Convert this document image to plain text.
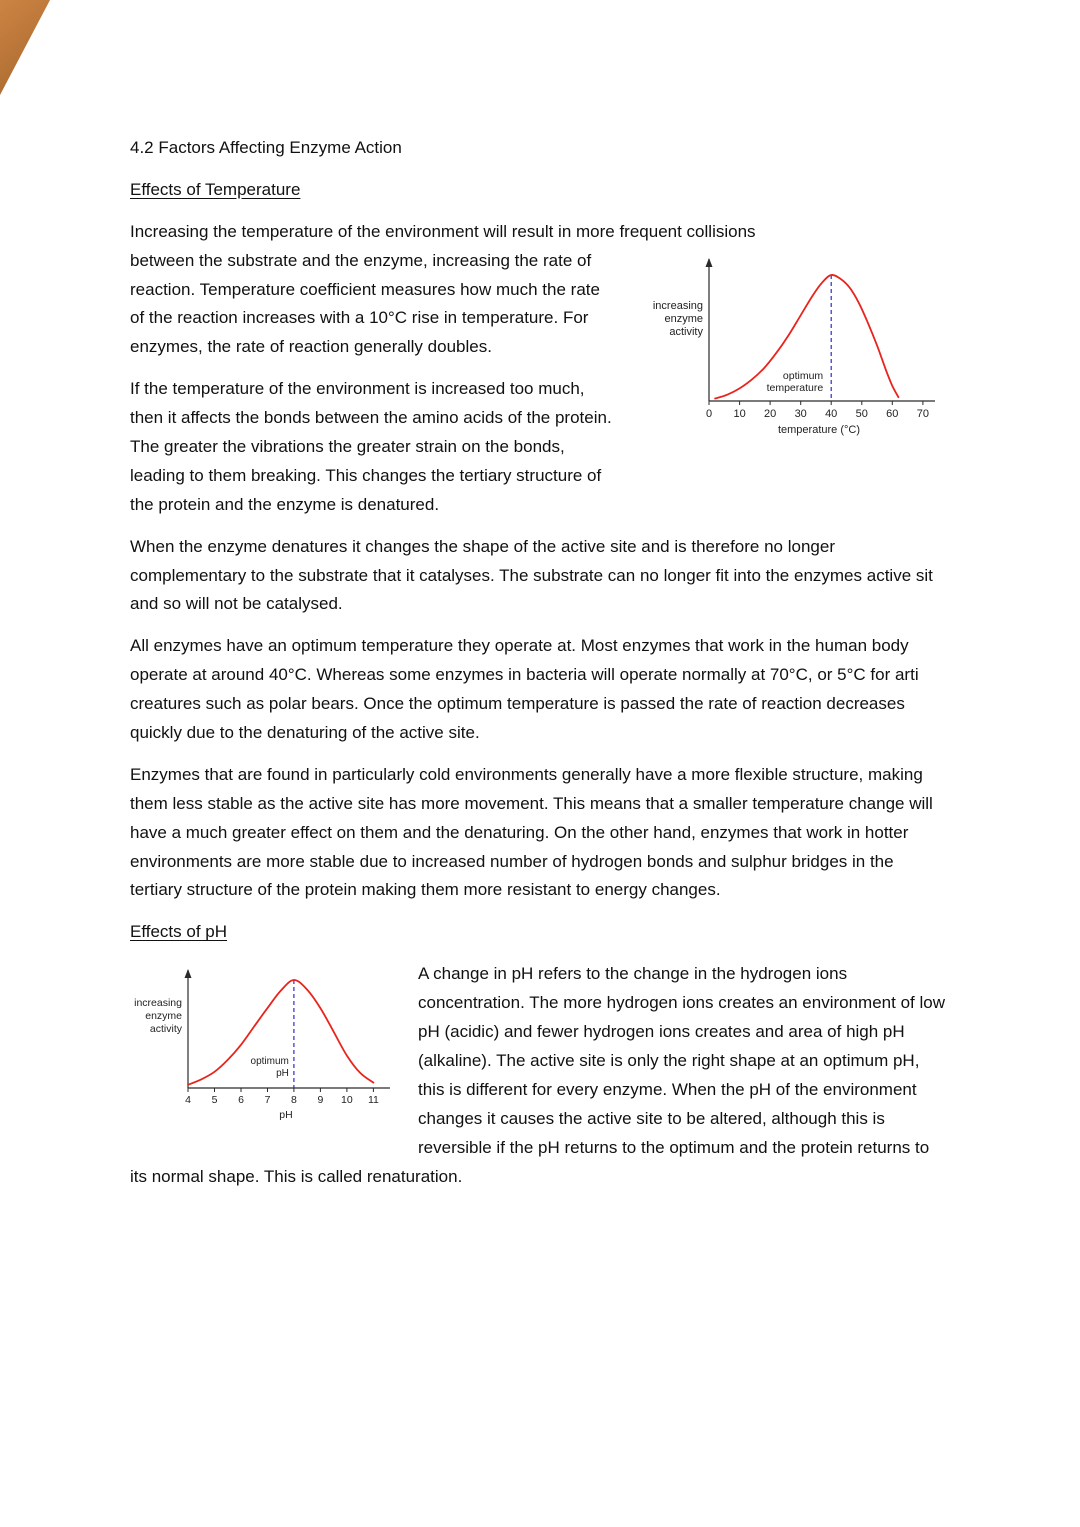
4.2 Factors Affecting Enzyme Action

Effects of Temperature

Increasing the temperature of the environment will result in more frequent collisions

0 10 20 30 40 50 60 70
temperature (°C)
increasing
enzyme
activity
optimum
temperature

between the substrate and the enzyme, increasing the rate of reaction. Temperature coefficient measures how much the rate of the reaction increases with a 10°C rise in temperature. For enzymes, the rate of reaction generally doubles.

If the temperature of the environment is increased too much, then it affects the bonds between the amino acids of the protein. The greater the vibrations the greater strain on the bonds, leading to them breaking. This changes the tertiary structure of the protein and the enzyme is denatured.

When the enzyme denatures it changes the shape of the active site and is therefore no longer complementary to the substrate that it catalyses. The substrate can no longer fit into the enzymes active sit and so will not be catalysed.

All enzymes have an optimum temperature they operate at. Most enzymes that work in the human body operate at around 40°C. Whereas some enzymes in bacteria will operate normally at 70°C, or 5°C for arti creatures such as polar bears. Once the optimum temperature is passed the rate of reaction decreases quickly due to the denaturing of the active site.

Enzymes that are found in particularly cold environments generally have a more flexible structure, making them less stable as the active site has more movement. This means that a smaller temperature change will have a much greater effect on them and the denaturing. On the other hand, enzymes that work in hotter environments are more stable due to increased number of hydrogen bonds and sulphur bridges in the tertiary structure of the protein making them more resistant to energy changes.

Effects of pH

4 5 6 7 8 9 10 11
pH
increasing
enzyme
activity
optimum
pH

A change in pH refers to the change in the hydrogen ions concentration. The more hydrogen ions creates an environment of low pH (acidic) and fewer hydrogen ions creates and area of high pH (alkaline). The active site is only the right shape at an optimum pH, this is different for every enzyme. When the pH of the environment changes it causes the active site to be altered, although this is reversible if the pH returns to the optimum and the protein returns to its normal shape. This is called renaturation.
